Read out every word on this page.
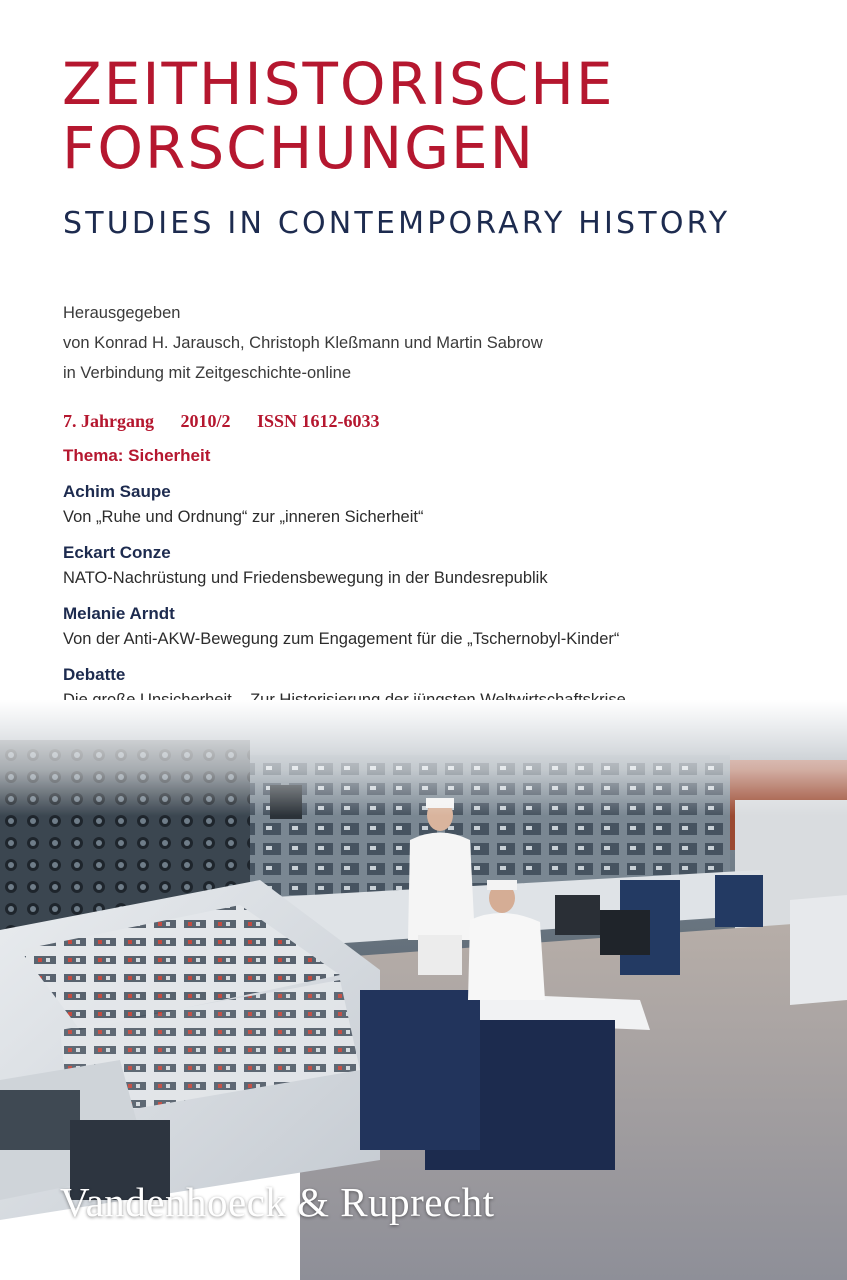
ZEITHISTORISCHE
FORSCHUNGEN
STUDIES IN CONTEMPORARY HISTORY
Herausgegeben
von Konrad H. Jarausch, Christoph Kleßmann und Martin Sabrow
in Verbindung mit Zeitgeschichte-online
7. Jahrgang 2010/2 ISSN 1612-6033
Thema: Sicherheit
Achim Saupe
Von „Ruhe und Ordnung“ zur „inneren Sicherheit“
Eckart Conze
NATO-Nachrüstung und Friedensbewegung in der Bundesrepublik
Melanie Arndt
Von der Anti-AKW-Bewegung zum Engagement für die „Tschernobyl-Kinder“
Debatte
Vandenhoeck & Ruprecht
